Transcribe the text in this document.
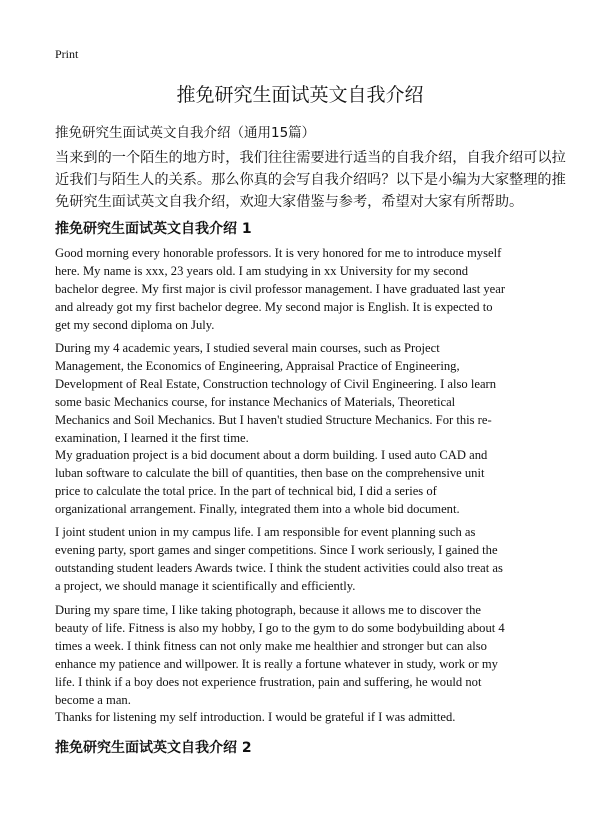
Print
推免研究生面试英文自我介绍
推免研究生面试英文自我介绍（通用15篇）
当来到的一个陌生的地方时，我们往往需要进行适当的自我介绍，自我介绍可以拉
近我们与陌生人的关系。那么你真的会写自我介绍吗？以下是小编为大家整理的推
免研究生面试英文自我介绍，欢迎大家借鉴与参考，希望对大家有所帮助。
推免研究生面试英文自我介绍 1
Good morning every honorable professors. It is very honored for me to introduce myself
here. My name is xxx, 23 years old. I am studying in xx University for my second
bachelor degree. My first major is civil professor management. I have graduated last year
and already got my first bachelor degree. My second major is English. It is expected to
get my second diploma on July.
During my 4 academic years, I studied several main courses, such as Project
Management, the Economics of Engineering, Appraisal Practice of Engineering,
Development of Real Estate, Construction technology of Civil Engineering. I also learn
some basic Mechanics course, for instance Mechanics of Materials, Theoretical
Mechanics and Soil Mechanics. But I haven't studied Structure Mechanics. For this re-
examination, I learned it the first time.
My graduation project is a bid document about a dorm building. I used auto CAD and
luban software to calculate the bill of quantities, then base on the comprehensive unit
price to calculate the total price. In the part of technical bid, I did a series of
organizational arrangement. Finally, integrated them into a whole bid document.
I joint student union in my campus life. I am responsible for event planning such as
evening party, sport games and singer competitions. Since I work seriously, I gained the
outstanding student leaders Awards twice. I think the student activities could also treat as
a project, we should manage it scientifically and efficiently.
During my spare time, I like taking photograph, because it allows me to discover the
beauty of life. Fitness is also my hobby, I go to the gym to do some bodybuilding about 4
times a week. I think fitness can not only make me healthier and stronger but can also
enhance my patience and willpower. It is really a fortune whatever in study, work or my
life. I think if a boy does not experience frustration, pain and suffering, he would not
become a man.
Thanks for listening my self introduction. I would be grateful if I was admitted.
推免研究生面试英文自我介绍 2
